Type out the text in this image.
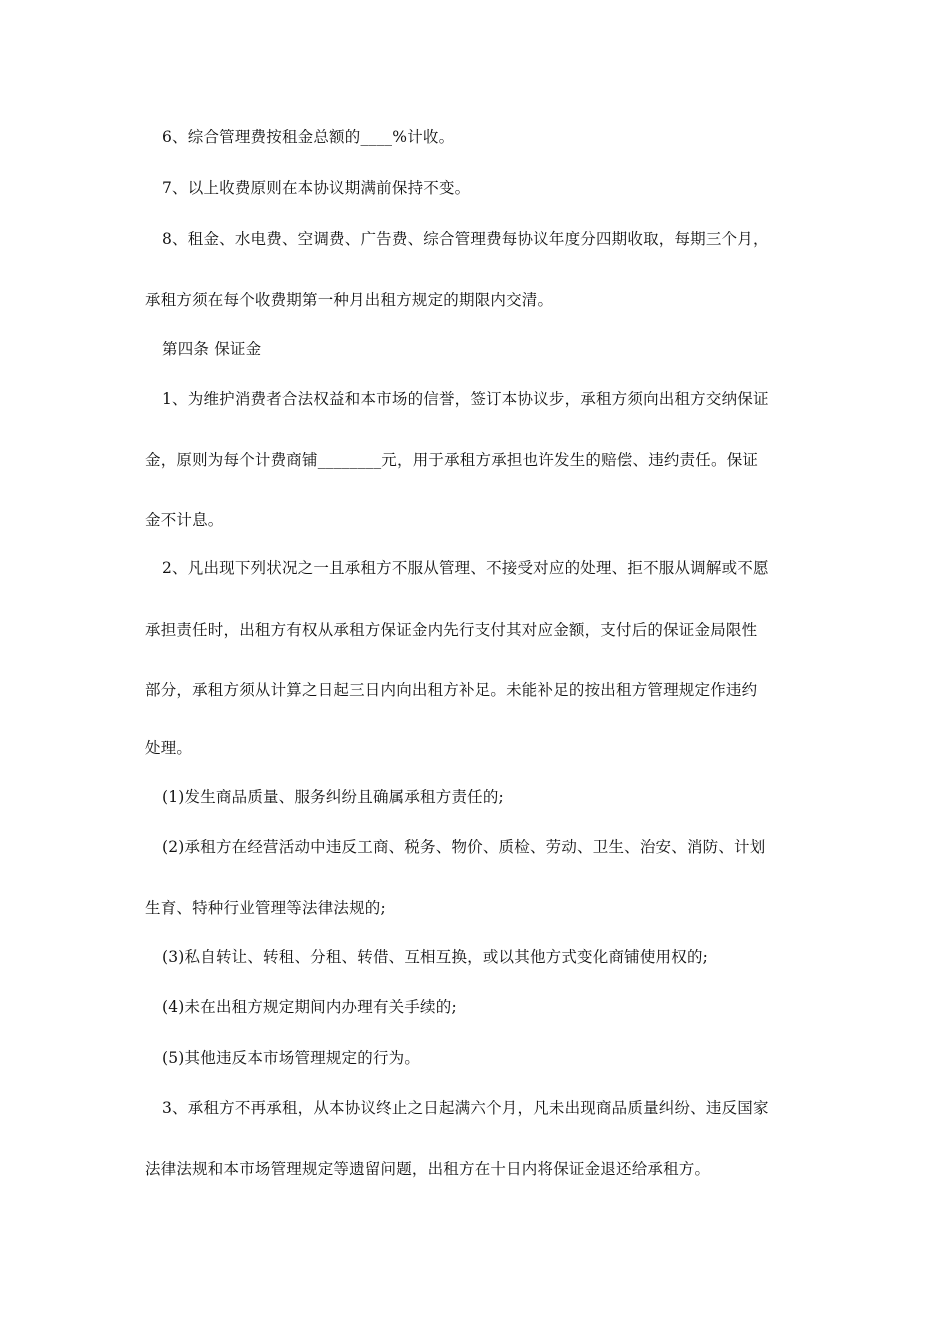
6、综合管理费按租金总额的____%计收。
7、以上收费原则在本协议期满前保持不变。
8、租金、水电费、空调费、广告费、综合管理费每协议年度分四期收取，每期三个月，
承租方须在每个收费期第一种月出租方规定的期限内交清。
第四条 保证金
1、为维护消费者合法权益和本市场的信誉，签订本协议步，承租方须向出租方交纳保证
金，原则为每个计费商铺________元，用于承租方承担也许发生的赔偿、违约责任。保证
金不计息。
2、凡出现下列状况之一且承租方不服从管理、不接受对应的处理、拒不服从调解或不愿
承担责任时，出租方有权从承租方保证金内先行支付其对应金额，支付后的保证金局限性
部分，承租方须从计算之日起三日内向出租方补足。未能补足的按出租方管理规定作违约
处理。
(1)发生商品质量、服务纠纷且确属承租方责任的;
(2)承租方在经营活动中违反工商、税务、物价、质检、劳动、卫生、治安、消防、计划
生育、特种行业管理等法律法规的;
(3)私自转让、转租、分租、转借、互相互换，或以其他方式变化商铺使用权的;
(4)未在出租方规定期间内办理有关手续的;
(5)其他违反本市场管理规定的行为。
3、承租方不再承租，从本协议终止之日起满六个月，凡未出现商品质量纠纷、违反国家
法律法规和本市场管理规定等遗留问题，出租方在十日内将保证金退还给承租方。
